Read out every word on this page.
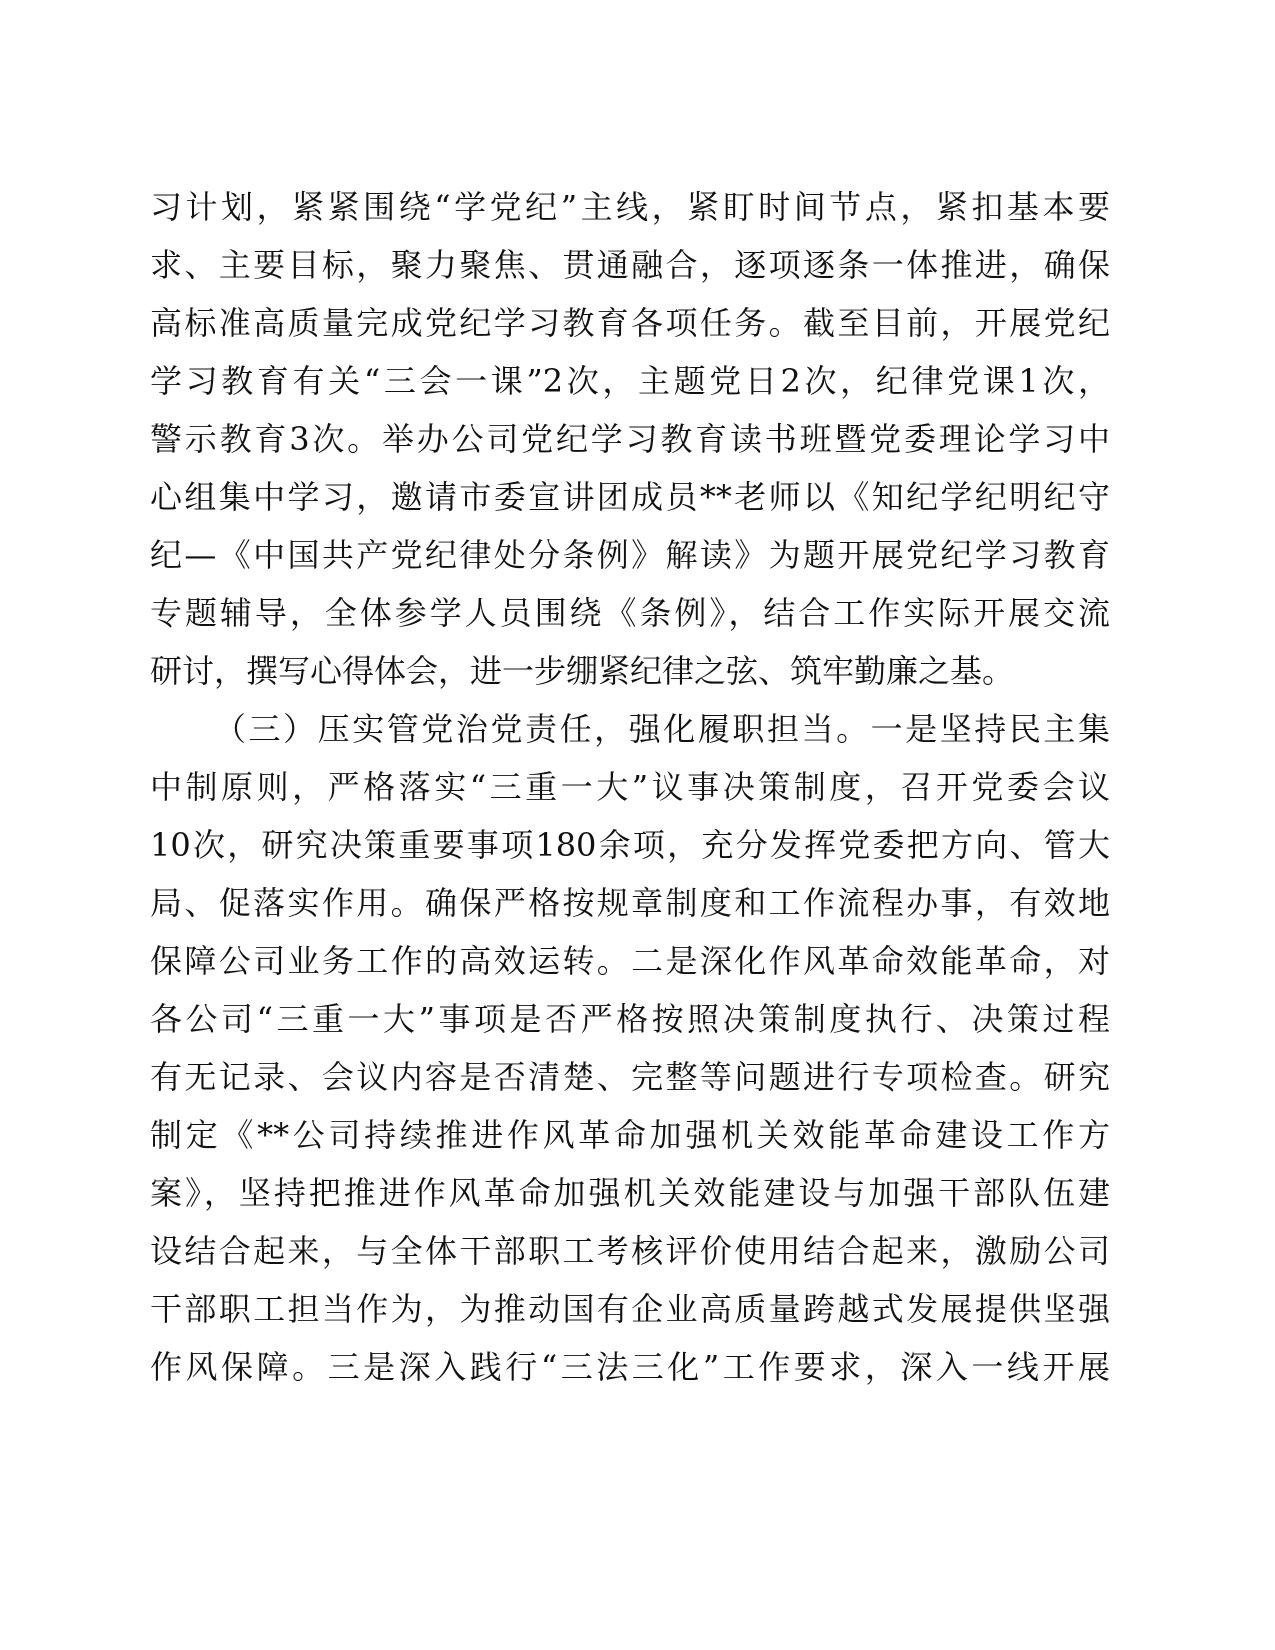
习计划，紧紧围绕“学党纪”主线，紧盯时间节点，紧扣基本要
求、主要目标，聚力聚焦、贯通融合，逐项逐条一体推进，确保
高标准高质量完成党纪学习教育各项任务。截至目前，开展党纪
学习教育有关“三会一课”2次，主题党日2次，纪律党课1次，
警示教育3次。举办公司党纪学习教育读书班暨党委理论学习中
心组集中学习，邀请市委宣讲团成员**老师以《知纪学纪明纪守
纪—《中国共产党纪律处分条例》解读》为题开展党纪学习教育
专题辅导，全体参学人员围绕《条例》，结合工作实际开展交流
研讨，撰写心得体会，进一步绷紧纪律之弦、筑牢勤廉之基。
（三）压实管党治党责任，强化履职担当。一是坚持民主集
中制原则，严格落实“三重一大”议事决策制度，召开党委会议
10次，研究决策重要事项180余项，充分发挥党委把方向、管大
局、促落实作用。确保严格按规章制度和工作流程办事，有效地
保障公司业务工作的高效运转。二是深化作风革命效能革命，对
各公司“三重一大”事项是否严格按照决策制度执行、决策过程
有无记录、会议内容是否清楚、完整等问题进行专项检查。研究
制定《**公司持续推进作风革命加强机关效能革命建设工作方
案》，坚持把推进作风革命加强机关效能建设与加强干部队伍建
设结合起来，与全体干部职工考核评价使用结合起来，激励公司
干部职工担当作为，为推动国有企业高质量跨越式发展提供坚强
作风保障。三是深入践行“三法三化”工作要求，深入一线开展
